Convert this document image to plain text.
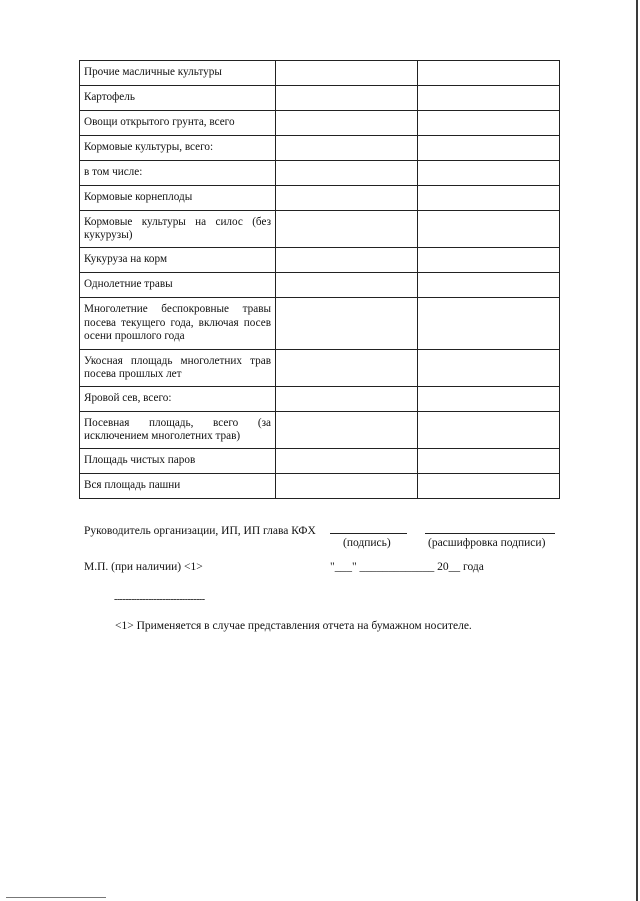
Прочие масличные культуры		
Картофель		
Овощи открытого грунта, всего		
Кормовые культуры, всего:		
в том числе:		
Кормовые корнеплоды		
Кормовые культуры на силос (без кукурузы)		
Кукуруза на корм		
Однолетние травы		
Многолетние беспокровные травы посева текущего года, включая посев осени прошлого года		
Укосная площадь многолетних трав посева прошлых лет		
Яровой сев, всего:		
Посевная площадь, всего (за исключением многолетних трав)		
Площадь чистых паров		
Вся площадь пашни		
Руководитель организации, ИП, ИП глава КФХ
(подпись)	(расшифровка подписи)
М.П. (при наличии) <1>	"___" _____________ 20__ года
--------------------------------
<1> Применяется в случае представления отчета на бумажном носителе.
